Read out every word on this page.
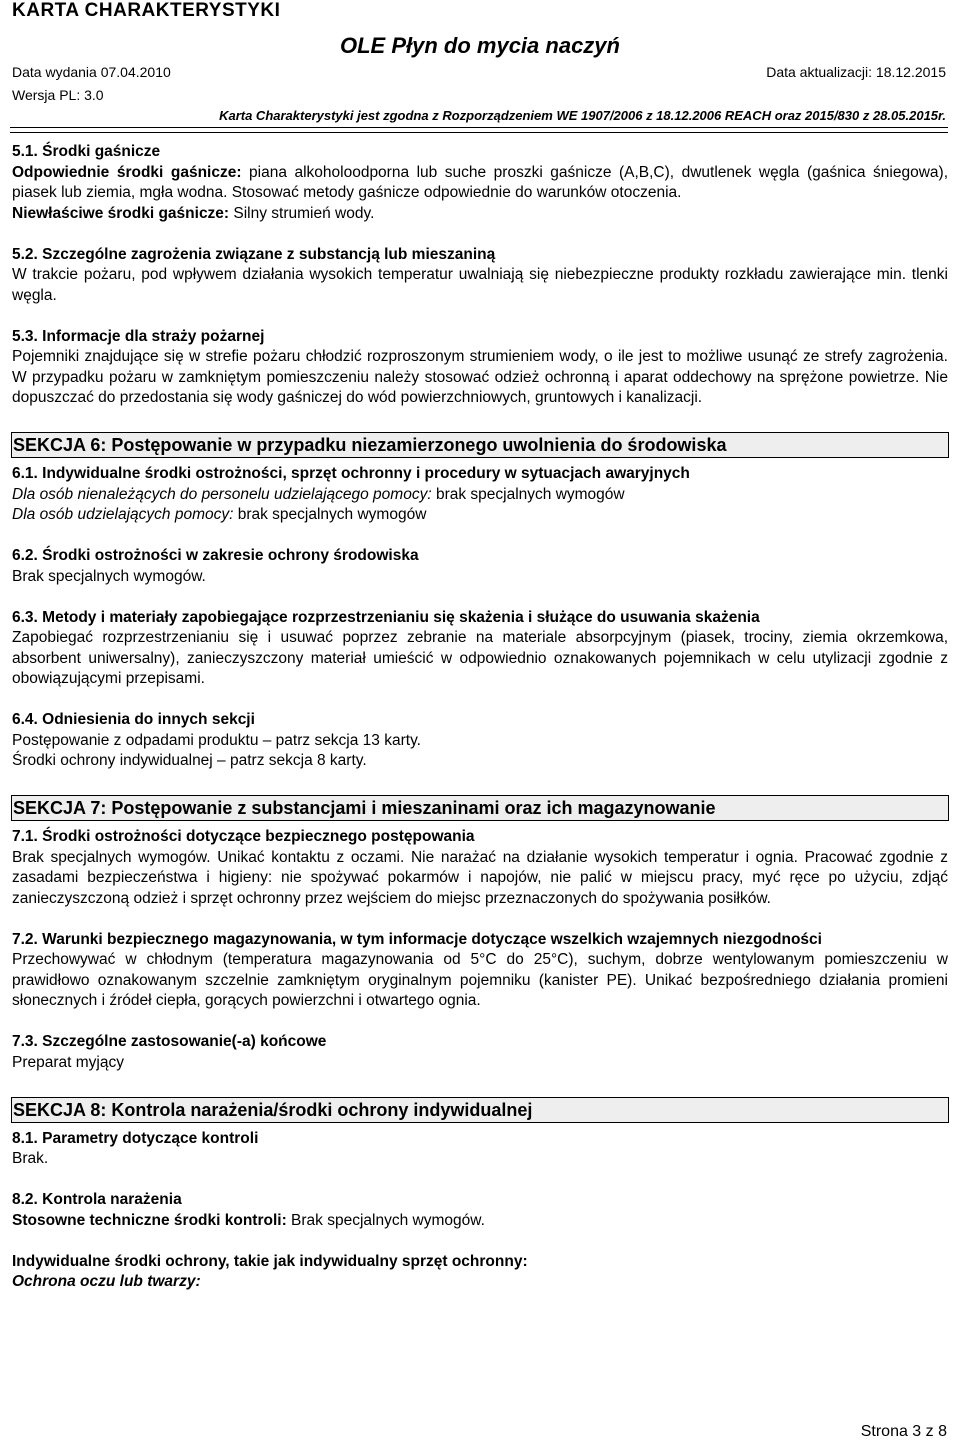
KARTA CHARAKTERYSTYKI
OLE Płyn do mycia naczyń
Data wydania 07.04.2010	Data aktualizacji: 18.12.2015
Wersja PL: 3.0
Karta Charakterystyki jest zgodna z Rozporządzeniem WE 1907/2006 z 18.12.2006 REACH oraz 2015/830 z 28.05.2015r.

5.1. Środki gaśnicze

Odpowiednie środki gaśnicze: piana alkoholoodporna lub suche proszki gaśnicze (A,B,C), dwutlenek węgla (gaśnica śniegowa), piasek lub ziemia, mgła wodna. Stosować metody gaśnicze odpowiednie do warunków otoczenia.

Niewłaściwe środki gaśnicze: Silny strumień wody.

5.2. Szczególne zagrożenia związane z substancją lub mieszaniną

W trakcie pożaru, pod wpływem działania wysokich temperatur uwalniają się niebezpieczne produkty rozkładu zawierające min. tlenki węgla.

5.3. Informacje dla straży pożarnej

Pojemniki znajdujące się w strefie pożaru chłodzić rozproszonym strumieniem wody, o ile jest to możliwe usunąć ze strefy zagrożenia. W przypadku pożaru w zamkniętym pomieszczeniu należy stosować odzież ochronną i aparat oddechowy na sprężone powietrze. Nie dopuszczać do przedostania się wody gaśniczej do wód powierzchniowych, gruntowych i kanalizacji.

SEKCJA 6: Postępowanie w przypadku niezamierzonego uwolnienia do środowiska

6.1. Indywidualne środki ostrożności, sprzęt ochronny i procedury w sytuacjach awaryjnych

Dla osób nienależących do personelu udzielającego pomocy: brak specjalnych wymogów

Dla osób udzielających pomocy: brak specjalnych wymogów

6.2. Środki ostrożności w zakresie ochrony środowiska

Brak specjalnych wymogów.

6.3. Metody i materiały zapobiegające rozprzestrzenianiu się skażenia i służące do usuwania skażenia

Zapobiegać rozprzestrzenianiu się i usuwać poprzez zebranie na materiale absorpcyjnym (piasek, trociny, ziemia okrzemkowa, absorbent uniwersalny), zanieczyszczony materiał umieścić w odpowiednio oznakowanych pojemnikach w celu utylizacji zgodnie z obowiązującymi przepisami.

6.4. Odniesienia do innych sekcji

Postępowanie z odpadami produktu – patrz sekcja 13 karty.

Środki ochrony indywidualnej – patrz sekcja 8 karty.

SEKCJA 7: Postępowanie z substancjami i mieszaninami oraz ich magazynowanie

7.1. Środki ostrożności dotyczące bezpiecznego postępowania

Brak specjalnych wymogów. Unikać kontaktu z oczami. Nie narażać na działanie wysokich temperatur i ognia. Pracować zgodnie z zasadami bezpieczeństwa i higieny: nie spożywać pokarmów i napojów, nie palić w miejscu pracy, myć ręce po użyciu, zdjąć zanieczyszczoną odzież i sprzęt ochronny przez wejściem do miejsc przeznaczonych do spożywania posiłków.

7.2. Warunki bezpiecznego magazynowania, w tym informacje dotyczące wszelkich wzajemnych niezgodności

Przechowywać w chłodnym (temperatura magazynowania od 5°C do 25°C), suchym, dobrze wentylowanym pomieszczeniu w prawidłowo oznakowanym szczelnie zamkniętym oryginalnym pojemniku (kanister PE). Unikać bezpośredniego działania promieni słonecznych i źródeł ciepła, gorących powierzchni i otwartego ognia.

7.3. Szczególne zastosowanie(-a) końcowe

Preparat myjący

SEKCJA 8: Kontrola narażenia/środki ochrony indywidualnej

8.1. Parametry dotyczące kontroli

Brak.

8.2. Kontrola narażenia

Stosowne techniczne środki kontroli: Brak specjalnych wymogów.

Indywidualne środki ochrony, takie jak indywidualny sprzęt ochronny:

Ochrona oczu lub twarzy:

Strona 3 z 8
